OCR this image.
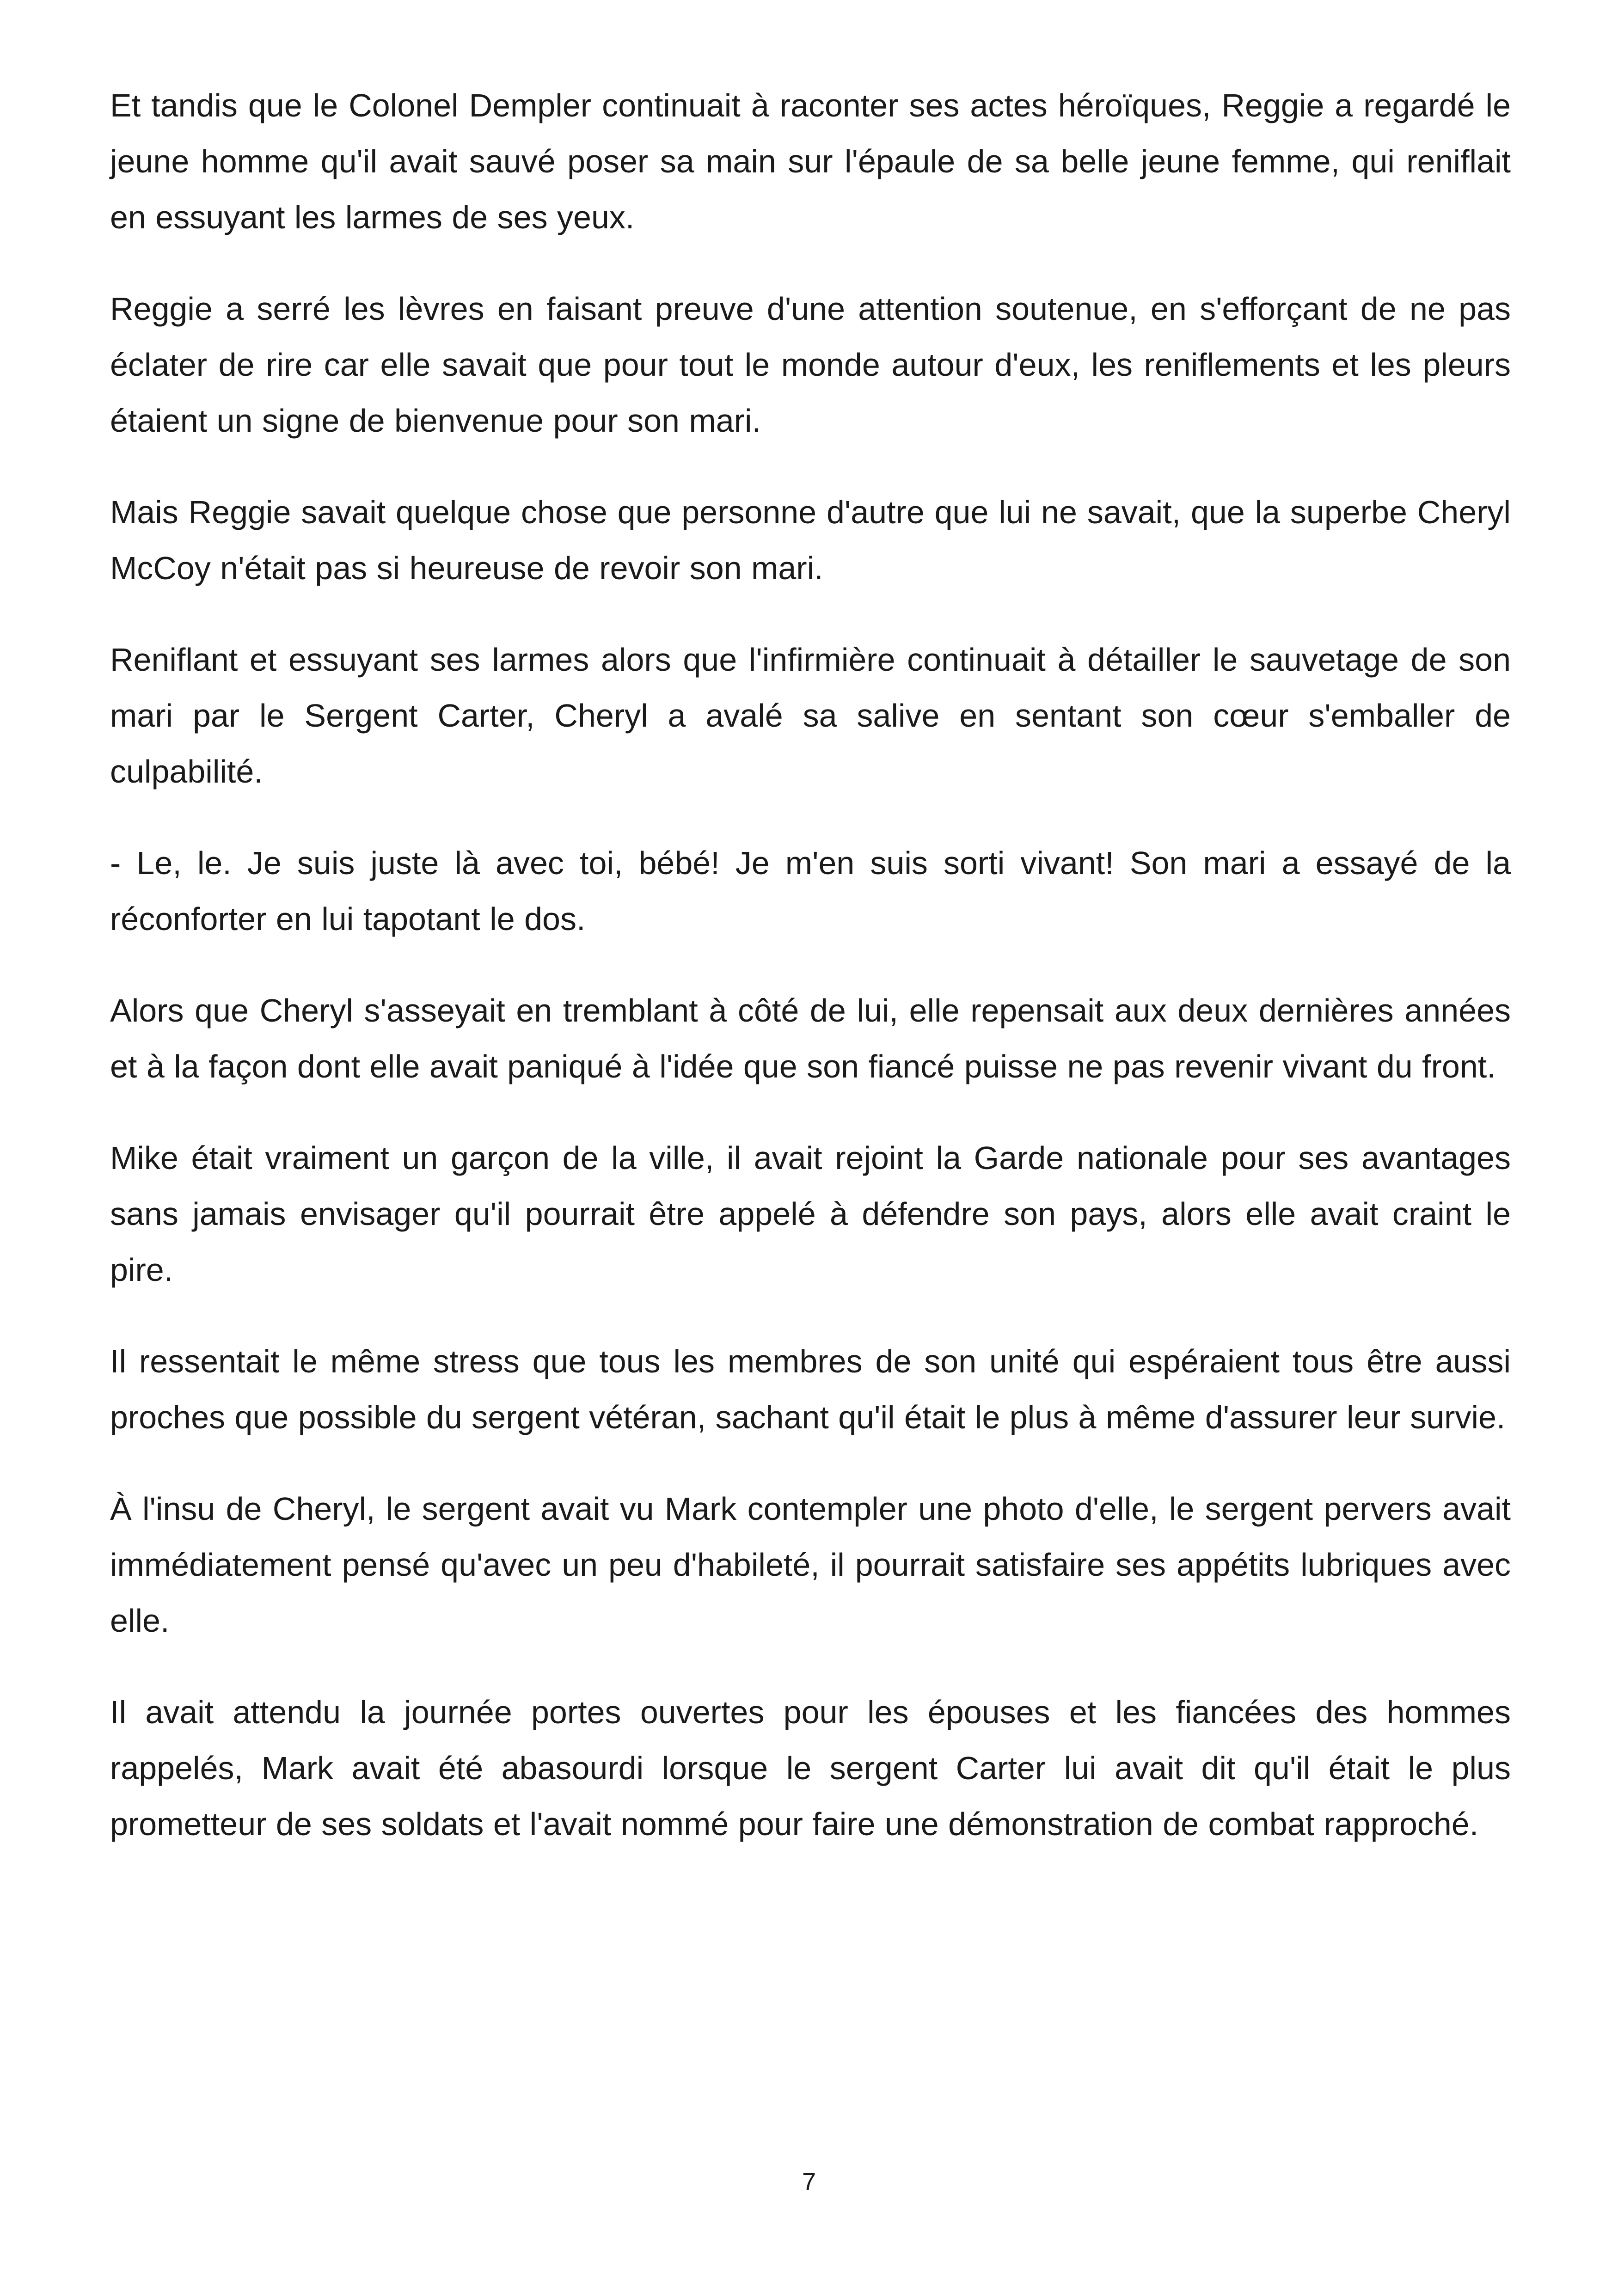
Et tandis que le Colonel Dempler continuait à raconter ses actes héroïques, Reggie a regardé le jeune homme qu'il avait sauvé poser sa main sur l'épaule de sa belle jeune femme, qui reniflait en essuyant les larmes de ses yeux.

Reggie a serré les lèvres en faisant preuve d'une attention soutenue, en s'efforçant de ne pas éclater de rire car elle savait que pour tout le monde autour d'eux, les reniflements et les pleurs étaient un signe de bienvenue pour son mari.

Mais Reggie savait quelque chose que personne d'autre que lui ne savait, que la superbe Cheryl McCoy n'était pas si heureuse de revoir son mari.

Reniflant et essuyant ses larmes alors que l'infirmière continuait à détailler le sauvetage de son mari par le Sergent Carter, Cheryl a avalé sa salive en sentant son cœur s'emballer de culpabilité.

- Le, le. Je suis juste là avec toi, bébé! Je m'en suis sorti vivant! Son mari a essayé de la réconforter en lui tapotant le dos.

Alors que Cheryl s'asseyait en tremblant à côté de lui, elle repensait aux deux dernières années et à la façon dont elle avait paniqué à l'idée que son fiancé puisse ne pas revenir vivant du front.

Mike était vraiment un garçon de la ville, il avait rejoint la Garde nationale pour ses avantages sans jamais envisager qu'il pourrait être appelé à défendre son pays, alors elle avait craint le pire.

Il ressentait le même stress que tous les membres de son unité qui espéraient tous être aussi proches que possible du sergent vétéran, sachant qu'il était le plus à même d'assurer leur survie.

À l'insu de Cheryl, le sergent avait vu Mark contempler une photo d'elle, le sergent pervers avait immédiatement pensé qu'avec un peu d'habileté, il pourrait satisfaire ses appétits lubriques avec elle.

Il avait attendu la journée portes ouvertes pour les épouses et les fiancées des hommes rappelés, Mark avait été abasourdi lorsque le sergent Carter lui avait dit qu'il était le plus prometteur de ses soldats et l'avait nommé pour faire une démonstration de combat rapproché.

7
